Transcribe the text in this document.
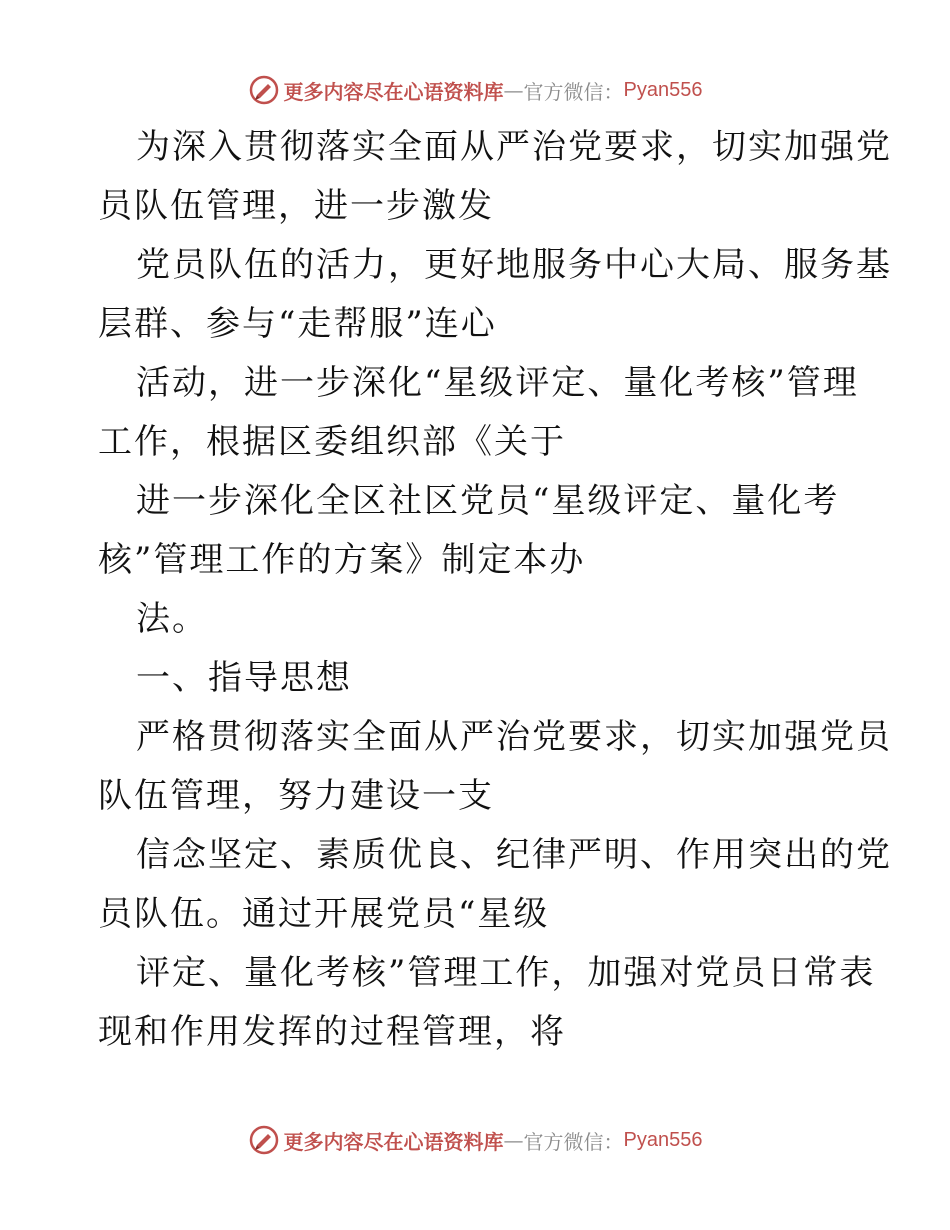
更多内容尽在心语资料库 — 官方微信： Pyan556
为深入贯彻落实全面从严治党要求，切实加强党
员队伍管理，进一步激发
党员队伍的活力，更好地服务中心大局、服务基
层群、参与“走帮服”连心
活动，进一步深化“星级评定、量化考核”管理
工作，根据区委组织部《关于
进一步深化全区社区党员“星级评定、量化考
核”管理工作的方案》制定本办
法。
一、指导思想
严格贯彻落实全面从严治党要求，切实加强党员
队伍管理，努力建设一支
信念坚定、素质优良、纪律严明、作用突出的党
员队伍。通过开展党员“星级
评定、量化考核”管理工作，加强对党员日常表
现和作用发挥的过程管理，将
更多内容尽在心语资料库 — 官方微信： Pyan556
